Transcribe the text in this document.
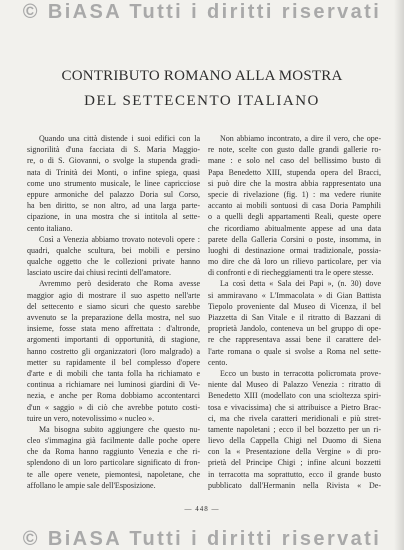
© BiASA Tutti i diritti riservati
CONTRIBUTO ROMANO ALLA MOSTRA
DEL SETTECENTO ITALIANO
Quando una città distende i suoi edifici con la
signorilità d'una facciata di S. Maria Maggio-
re, o di S. Giovanni, o svolge la stupenda gradi-
nata di Trinità dei Monti, o infine spiega, quasi
come uno strumento musicale, le linee capricciose
eppure armoniche del palazzo Doria sul Corso,
ha ben diritto, se non altro, ad una larga parte-
cipazione, in una mostra che si intitola al sette-
cento italiano.
Così a Venezia abbiamo trovato notevoli opere :
quadri, qualche scultura, bei mobili e persino
qualche oggetto che le collezioni private hanno
lasciato uscire dai chiusi recinti dell'amatore.
Avremmo però desiderato che Roma avesse
maggior agio di mostrare il suo aspetto nell'arte
del settecento e siamo sicuri che questo sarebbe
avvenuto se la preparazione della mostra, nel suo
insieme, fosse stata meno affrettata : d'altronde,
argomenti importanti di opportunità, di stagione,
hanno costretto gli organizzatori (loro malgrado) a
metter su rapidamente il bel complesso d'opere
d'arte e di mobili che tanta folla ha richiamato e
continua a richiamare nei luminosi giardini di Ve-
nezia, e anche per Roma dobbiamo accontentarci
d'un « saggio » di ciò che avrebbe potuto costi-
tuire un vero, notevolissimo « nucleo ».
Ma bisogna subito aggiungere che questo nu-
cleo s'immagina già facilmente dalle poche opere
che da Roma hanno raggiunto Venezia e che ri-
splendono di un loro particolare significato di fron-
te alle opere venete, piemontesi, napoletane, che
affollano le ampie sale dell'Esposizione.
Non abbiamo incontrato, a dire il vero, che ope-
re note, scelte con gusto dalle grandi gallerie ro-
mane : e solo nel caso del bellissimo busto di
Papa Benedetto XIII, stupenda opera del Bracci,
si può dire che la mostra abbia rappresentato una
specie di rivelazione (fig. 1) : ma vedere riunite
accanto ai mobili sontuosi di casa Doria Pamphili
o a quelli degli appartamenti Reali, queste opere
che ricordiamo abitualmente appese ad una data
parete della Galleria Corsini o poste, insomma, in
luoghi di destinazione ormai tradizionale, possia-
mo dire che dà loro un rilievo particolare, per via
di confronti e di riecheggiamenti tra le opere stesse.
La così detta « Sala dei Papi », (n. 30) dove
si ammiravano « L'Immacolata » di Gian Battista
Tiepolo proveniente dal Museo di Vicenza, il bel
Piazzetta di San Vitale e il ritratto di Bazzani di
proprietà Jandolo, conteneva un bel gruppo di ope-
re che rappresentava assai bene il carattere del-
l'arte romana o quale si svolse a Roma nel sette-
cento.
Ecco un busto in terracotta policromata prove-
niente dal Museo di Palazzo Venezia : ritratto di
Benedetto XIII (modellato con una scioltezza spiri-
tosa e vivacissima) che si attribuisce a Pietro Brac-
ci, ma che rivela caratteri meridionali e più stret-
tamente napoletani ; ecco il bel bozzetto per un ri-
lievo della Cappella Chigi nel Duomo di Siena
con la « Presentazione della Vergine » di pro-
prietà del Principe Chigi ; infine alcuni bozzetti
in terracotta ma soprattutto, ecco il grande busto
pubblicato dall'Hermanin nella Rivista « De-
— 448 —
© BiASA Tutti i diritti riservati
